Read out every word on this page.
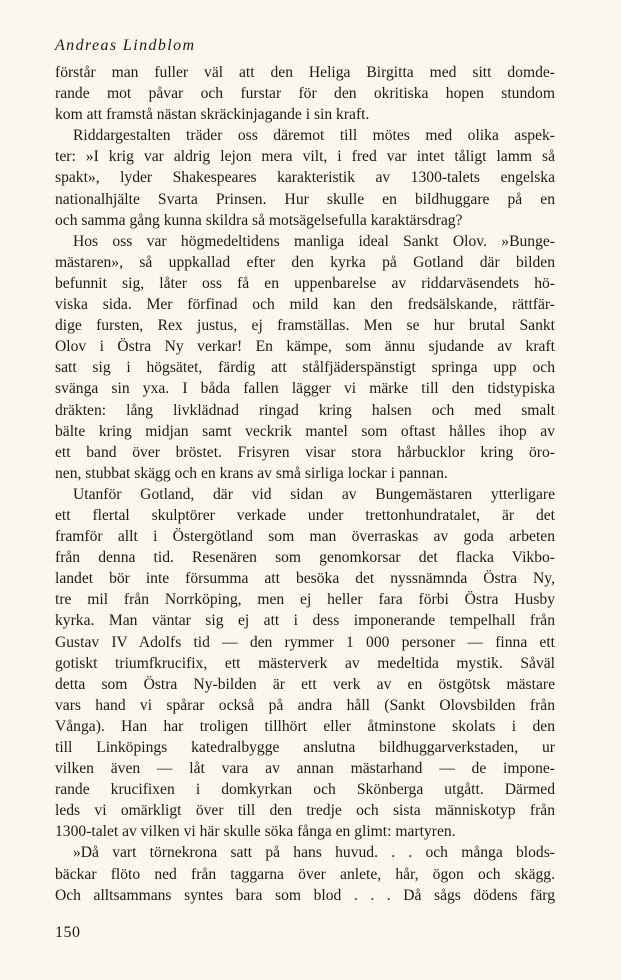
Andreas Lindblom
förstår man fuller väl att den Heliga Birgitta med sitt domde-
rande mot påvar och furstar för den okritiska hopen stundom
kom att framstå nästan skräckinjagande i sin kraft.
Riddargestalten träder oss däremot till mötes med olika aspek-
ter: »I krig var aldrig lejon mera vilt, i fred var intet tåligt lamm så
spakt», lyder Shakespeares karakteristik av 1300-talets engelska
nationalhjälte Svarta Prinsen. Hur skulle en bildhuggare på en
och samma gång kunna skildra så motsägelsefulla karaktärsdrag?
Hos oss var högmedeltidens manliga ideal Sankt Olov. »Bunge-
mästaren», så uppkallad efter den kyrka på Gotland där bilden
befunnit sig, låter oss få en uppenbarelse av riddarväsendets hö-
viska sida. Mer förfinad och mild kan den fredsälskande, rättfär-
dige fursten, Rex justus, ej framställas. Men se hur brutal Sankt
Olov i Östra Ny verkar! En kämpe, som ännu sjudande av kraft
satt sig i högsätet, färdig att stålfjäderspänstigt springa upp och
svänga sin yxa. I båda fallen lägger vi märke till den tidstypiska
dräkten: lång livklädnad ringad kring halsen och med smalt
bälte kring midjan samt veckrik mantel som oftast hålles ihop av
ett band över bröstet. Frisyren visar stora hårbucklor kring öro-
nen, stubbat skägg och en krans av små sirliga lockar i pannan.
Utanför Gotland, där vid sidan av Bungemästaren ytterligare
ett flertal skulptörer verkade under trettonhundratalet, är det
framför allt i Östergötland som man överraskas av goda arbeten
från denna tid. Resenären som genomkorsar det flacka Vikbo-
landet bör inte försumma att besöka det nyssnämnda Östra Ny,
tre mil från Norrköping, men ej heller fara förbi Östra Husby
kyrka. Man väntar sig ej att i dess imponerande tempelhall från
Gustav IV Adolfs tid — den rymmer 1 000 personer — finna ett
gotiskt triumfkrucifix, ett mästerverk av medeltida mystik. Såväl
detta som Östra Ny-bilden är ett verk av en östgötsk mästare
vars hand vi spårar också på andra håll (Sankt Olovsbilden från
Vånga). Han har troligen tillhört eller åtminstone skolats i den
till Linköpings katedralbygge anslutna bildhuggarverkstaden, ur
vilken även — låt vara av annan mästarhand — de impone-
rande krucifixen i domkyrkan och Skönberga utgått. Därmed
leds vi omärkligt över till den tredje och sista människotyp från
1300-talet av vilken vi här skulle söka fånga en glimt: martyren.
»Då vart törnekrona satt på hans huvud. . . och många blods-
bäckar flöto ned från taggarna över anlete, hår, ögon och skägg.
Och alltsammans syntes bara som blod . . . Då sågs dödens färg
150
